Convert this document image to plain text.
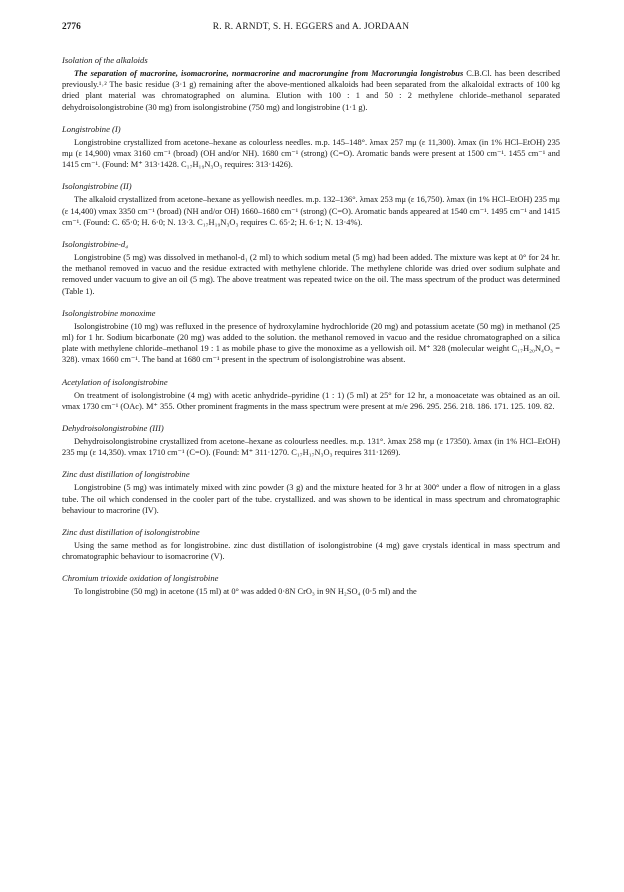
2776	R. R. ARNDT, S. H. EGGERS and A. JORDAAN
Isolation of the alkaloids

The separation of macrorine, isomacrorine, normacrorine and macrorungine from Macrorungia longistrobus C.B.Cl. has been described previously.¹˒² The basic residue (3·1 g) remaining after the above-mentioned alkaloids had been separated from the alkaloidal extracts of 100 kg dried plant material was chromatographed on alumina. Elution with 100 : 1 and 50 : 2 methylene chloride–methanol separated dehydroisolongistrobine (30 mg) from isolongistrobine (750 mg) and longistrobine (1·1 g).

Longistrobine (I)

Longistrobine crystallized from acetone–hexane as colourless needles. m.p. 145–148°. λmax 257 mμ (ε 11,300). λmax (in 1% HCl–EtOH) 235 mμ (ε 14,900) νmax 3160 cm⁻¹ (broad) (OH and/or NH). 1680 cm⁻¹ (strong) (C=O). Aromatic bands were present at 1500 cm⁻¹. 1455 cm⁻¹ and 1415 cm⁻¹. (Found: M⁺ 313·1428. C₁₇H₁₉N₃O₃ requires: 313·1426).

Isolongistrobine (II)

The alkaloid crystallized from acetone–hexane as yellowish needles. m.p. 132–136°. λmax 253 mμ (ε 16,750). λmax (in 1% HCl–EtOH) 235 mμ (ε 14,400) νmax 3350 cm⁻¹ (broad) (NH and/or OH) 1660–1680 cm⁻¹ (strong) (C=O). Aromatic bands appeared at 1540 cm⁻¹. 1495 cm⁻¹ and 1415 cm⁻¹. (Found: C. 65·0; H. 6·0; N. 13·3. C₁₇H₁₉N₃O₃ requires C. 65·2; H. 6·1; N. 13·4%).

Isolongistrobine-d₄

Longistrobine (5 mg) was dissolved in methanol-d₁ (2 ml) to which sodium metal (5 mg) had been added. The mixture was kept at 0° for 24 hr. the methanol removed in vacuo and the residue extracted with methylene chloride. The methylene chloride was dried over sodium sulphate and removed under vacuum to give an oil (5 mg). The above treatment was repeated twice on the oil. The mass spectrum of the product was determined (Table 1).

Isolongistrobine monoxime

Isolongistrobine (10 mg) was refluxed in the presence of hydroxylamine hydrochloride (20 mg) and potassium acetate (50 mg) in methanol (25 ml) for 1 hr. Sodium bicarbonate (20 mg) was added to the solution. the methanol removed in vacuo and the residue chromatographed on a silica plate with methylene chloride–methanol 19 : 1 as mobile phase to give the monoxime as a yellowish oil. M⁺ 328 (molecular weight C₁₇H₂₀N₄O₃ = 328). νmax 1660 cm⁻¹. The band at 1680 cm⁻¹ present in the spectrum of isolongistrobine was absent.

Acetylation of isolongistrobine

On treatment of isolongistrobine (4 mg) with acetic anhydride–pyridine (1 : 1) (5 ml) at 25° for 12 hr, a monoacetate was obtained as an oil. νmax 1730 cm⁻¹ (OAc). M⁺ 355. Other prominent fragments in the mass spectrum were present at m/e 296. 295. 256. 218. 186. 171. 125. 109. 82.

Dehydroisolongistrobine (III)

Dehydroisolongistrobine crystallized from acetone–hexane as colourless needles. m.p. 131°. λmax 258 mμ (ε 17350). λmax (in 1% HCl–EtOH) 235 mμ (ε 14,350). νmax 1710 cm⁻¹ (C=O). (Found: M⁺ 311·1270. C₁₇H₁₇N₃O₃ requires 311·1269).

Zinc dust distillation of longistrobine

Longistrobine (5 mg) was intimately mixed with zinc powder (3 g) and the mixture heated for 3 hr at 300° under a flow of nitrogen in a glass tube. The oil which condensed in the cooler part of the tube. crystallized. and was shown to be identical in mass spectrum and chromatographic behaviour to macrorine (IV).

Zinc dust distillation of isolongistrobine

Using the same method as for longistrobine. zinc dust distillation of isolongistrobine (4 mg) gave crystals identical in mass spectrum and chromatographic behaviour to isomacrorine (V).

Chromium trioxide oxidation of longistrobine

To longistrobine (50 mg) in acetone (15 ml) at 0° was added 0·8N CrO₃ in 9N H₂SO₄ (0·5 ml) and the
